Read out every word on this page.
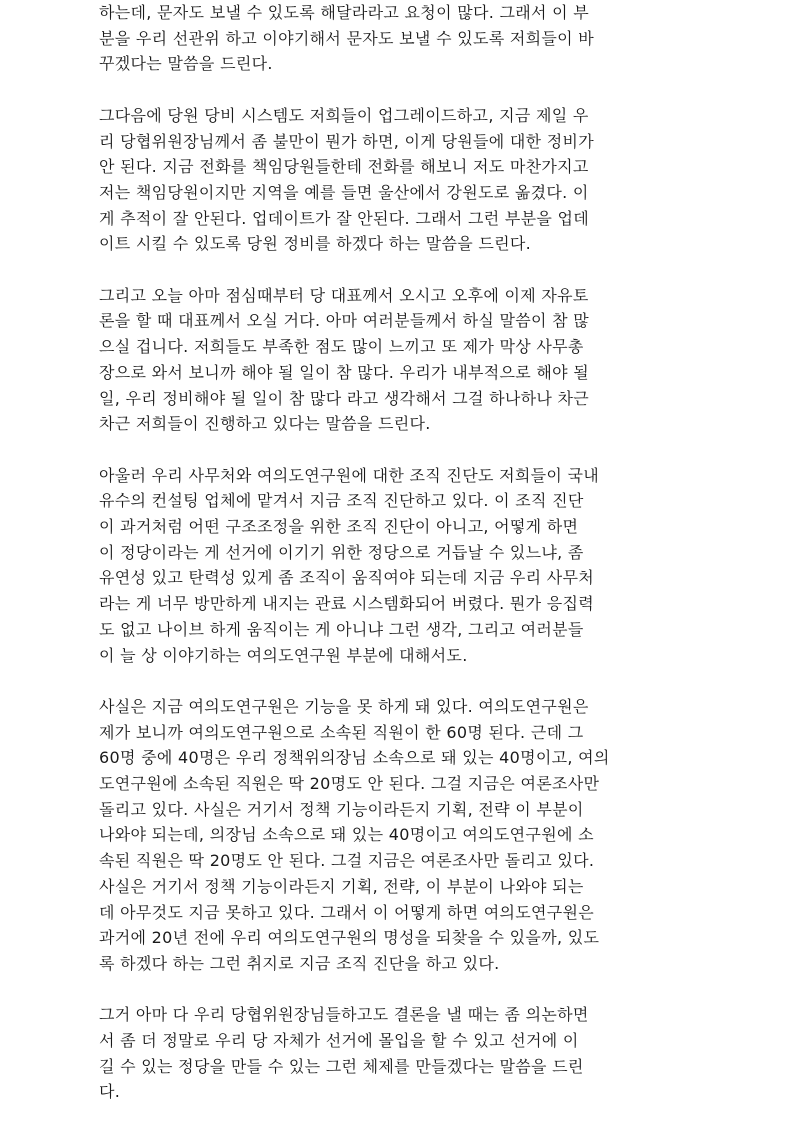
하는데, 문자도 보낼 수 있도록 해달라라고 요청이 많다. 그래서 이 부
분을 우리 선관위 하고 이야기해서 문자도 보낼 수 있도록 저희들이 바
꾸겠다는 말씀을 드린다.
그다음에 당원 당비 시스템도 저희들이 업그레이드하고, 지금 제일 우
리 당협위원장님께서 좀 불만이 뭔가 하면, 이게 당원들에 대한 정비가
안 된다. 지금 전화를 책임당원들한테 전화를 해보니 저도 마찬가지고
저는 책임당원이지만 지역을 예를 들면 울산에서 강원도로 옮겼다. 이
게 추적이 잘 안된다. 업데이트가 잘 안된다. 그래서 그런 부분을 업데
이트 시킬 수 있도록 당원 정비를 하겠다 하는 말씀을 드린다.
그리고 오늘 아마 점심때부터 당 대표께서 오시고 오후에 이제 자유토
론을 할 때 대표께서 오실 거다. 아마 여러분들께서 하실 말씀이 참 많
으실 겁니다. 저희들도 부족한 점도 많이 느끼고 또 제가 막상 사무총
장으로 와서 보니까 해야 될 일이 참 많다. 우리가 내부적으로 해야 될
일, 우리 정비해야 될 일이 참 많다 라고 생각해서 그걸 하나하나 차근
차근 저희들이 진행하고 있다는 말씀을 드린다.
아울러 우리 사무처와 여의도연구원에 대한 조직 진단도 저희들이 국내
유수의 컨설팅 업체에 맡겨서 지금 조직 진단하고 있다. 이 조직 진단
이 과거처럼 어떤 구조조정을 위한 조직 진단이 아니고, 어떻게 하면
이 정당이라는 게 선거에 이기기 위한 정당으로 거듭날 수 있느냐, 좀
유연성 있고 탄력성 있게 좀 조직이 움직여야 되는데 지금 우리 사무처
라는 게 너무 방만하게 내지는 관료 시스템화되어 버렸다. 뭔가 응집력
도 없고 나이브 하게 움직이는 게 아니냐 그런 생각, 그리고 여러분들
이 늘 상 이야기하는 여의도연구원 부분에 대해서도.
사실은 지금 여의도연구원은 기능을 못 하게 돼 있다. 여의도연구원은
제가 보니까 여의도연구원으로 소속된 직원이 한 60명 된다. 근데 그
60명 중에 40명은 우리 정책위의장님 소속으로 돼 있는 40명이고, 여의
도연구원에 소속된 직원은 딱 20명도 안 된다. 그걸 지금은 여론조사만
돌리고 있다. 사실은 거기서 정책 기능이라든지 기획, 전략 이 부분이
나와야 되는데, 의장님 소속으로 돼 있는 40명이고 여의도연구원에 소
속된 직원은 딱 20명도 안 된다. 그걸 지금은 여론조사만 돌리고 있다.
사실은 거기서 정책 기능이라든지 기획, 전략, 이 부분이 나와야 되는
데 아무것도 지금 못하고 있다. 그래서 이 어떻게 하면 여의도연구원은
과거에 20년 전에 우리 여의도연구원의 명성을 되찾을 수 있을까, 있도
록 하겠다 하는 그런 취지로 지금 조직 진단을 하고 있다.
그거 아마 다 우리 당협위원장님들하고도 결론을 낼 때는 좀 의논하면
서 좀 더 정말로 우리 당 자체가 선거에 몰입을 할 수 있고 선거에 이
길 수 있는 정당을 만들 수 있는 그런 체제를 만들겠다는 말씀을 드린
다.
